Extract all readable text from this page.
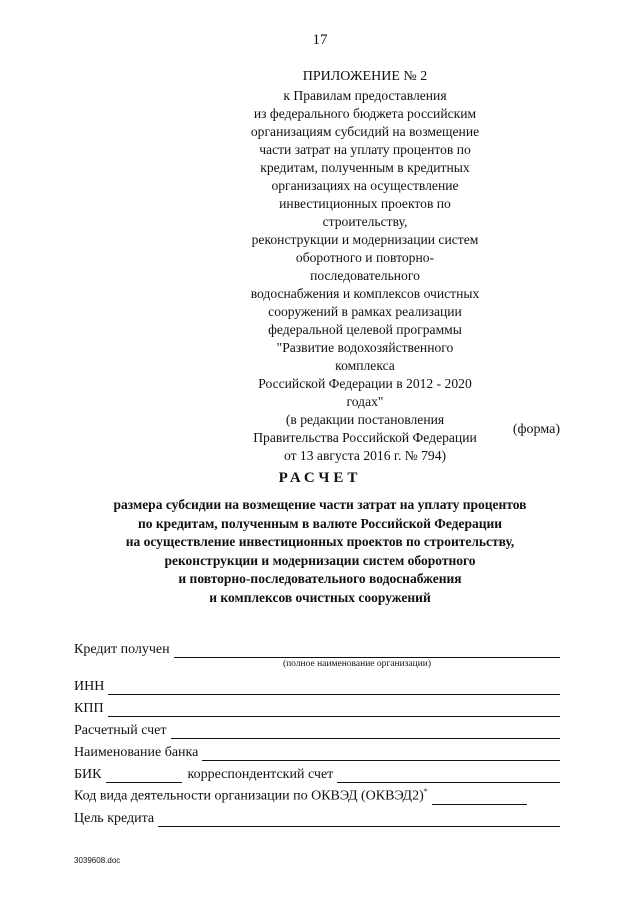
17
ПРИЛОЖЕНИЕ № 2
к Правилам предоставления
из федерального бюджета российским
организациям субсидий на возмещение
части затрат на уплату процентов по
кредитам, полученным в кредитных
организациях на осуществление
инвестиционных проектов по строительству,
реконструкции и модернизации систем
оборотного и повторно-последовательного
водоснабжения и комплексов очистных
сооружений в рамках реализации
федеральной целевой программы
"Развитие водохозяйственного комплекса
Российской Федерации в 2012 - 2020 годах"
(в редакции постановления
Правительства Российской Федерации
от 13 августа 2016 г. № 794)
(форма)
РАСЧЕТ
размера субсидии на возмещение части затрат на уплату процентов
по кредитам, полученным в валюте Российской Федерации
на осуществление инвестиционных проектов по строительству,
реконструкции и модернизации систем оборотного
и повторно-последовательного водоснабжения
и комплексов очистных сооружений
Кредит получен
(полное наименование организации)
ИНН
КПП
Расчетный счет
Наименование банка
БИК	корреспондентский счет
Код вида деятельности организации по ОКВЭД (ОКВЭД2)*
Цель кредита
3039608.doc
